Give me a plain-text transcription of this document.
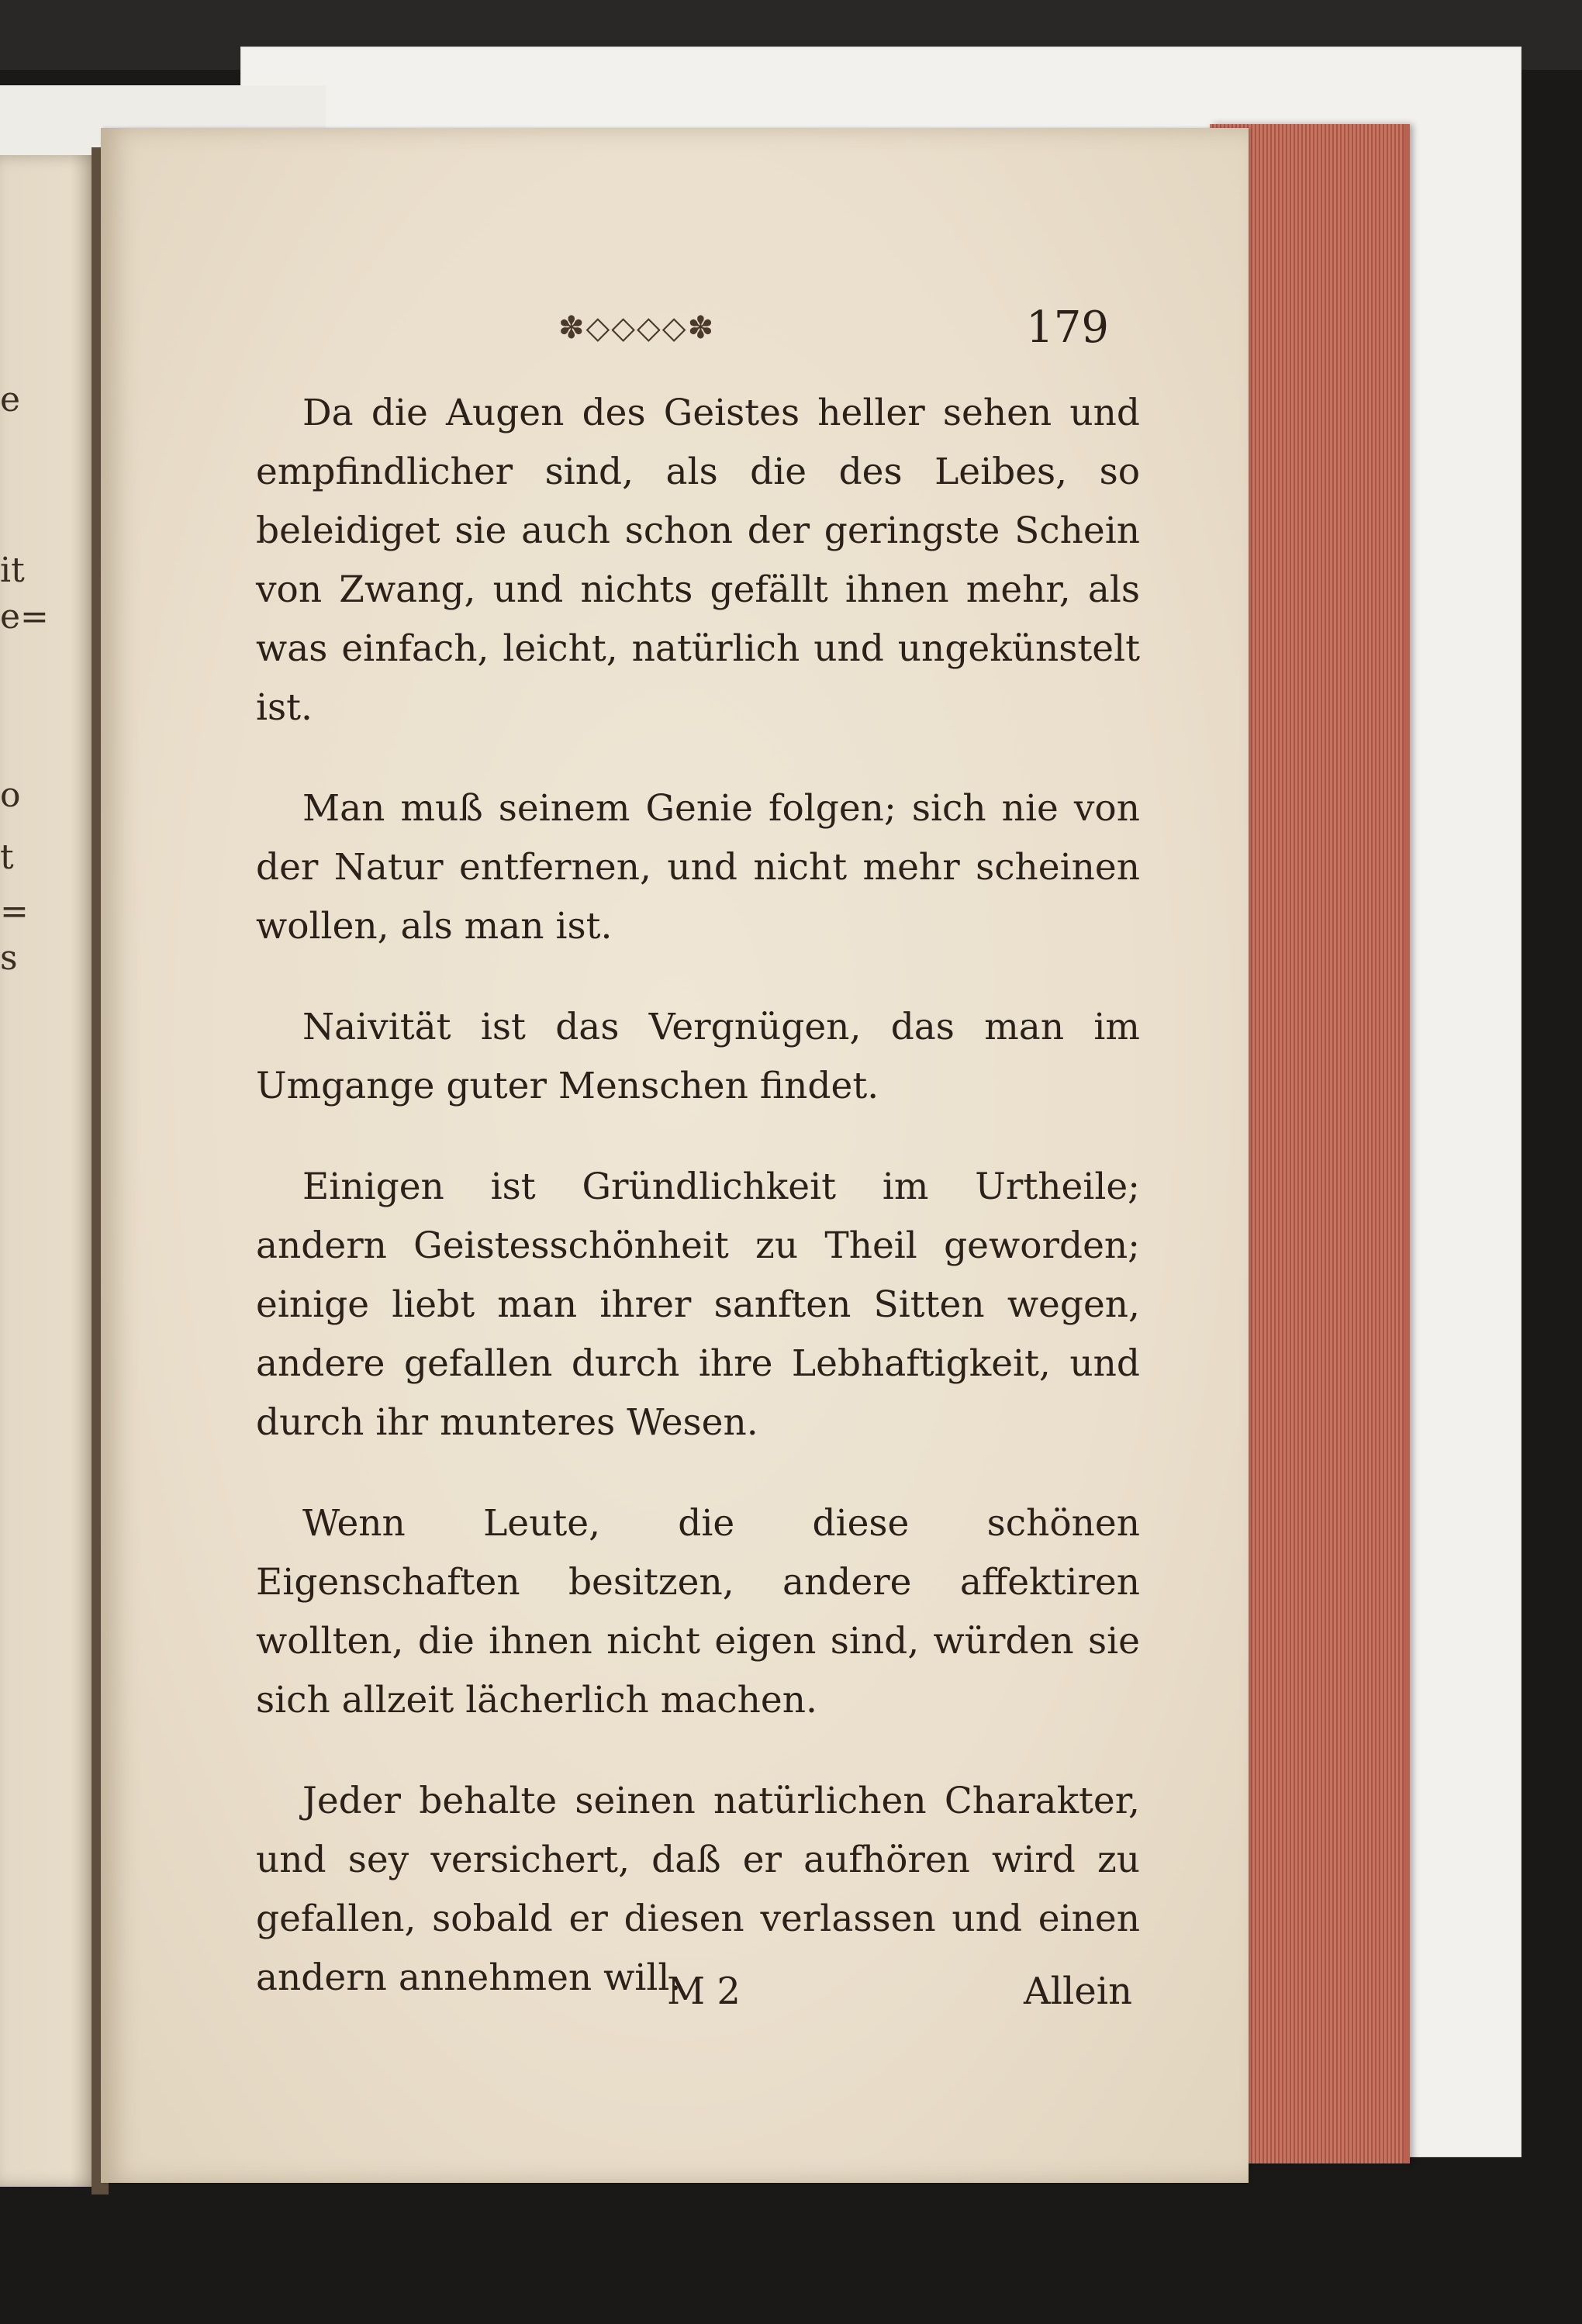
e
it
e=
o
t
=
s
✽◇◇◇◇✽	179

Da die Augen des Geistes heller sehen und empfindlicher sind, als die des Leibes, so beleidiget sie auch schon der geringste Schein von Zwang, und nichts gefällt ihnen mehr, als was einfach, leicht, natürlich und ungekünstelt ist.

Man muß seinem Genie folgen; sich nie von der Natur entfernen, und nicht mehr scheinen wollen, als man ist.

Naivität ist das Vergnügen, das man im Umgange guter Menschen findet.

Einigen ist Gründlichkeit im Urtheile; andern Geistesschönheit zu Theil geworden; einige liebt man ihrer sanften Sitten wegen, andere gefallen durch ihre Lebhaftigkeit, und durch ihr munteres Wesen.

Wenn Leute, die diese schönen Eigenschaften besitzen, andere affektiren wollten, die ihnen nicht eigen sind, würden sie sich allzeit lächerlich machen.

Jeder behalte seinen natürlichen Charakter, und sey versichert, daß er aufhören wird zu gefallen, sobald er diesen verlassen und einen andern annehmen will.

M 2	Allein
